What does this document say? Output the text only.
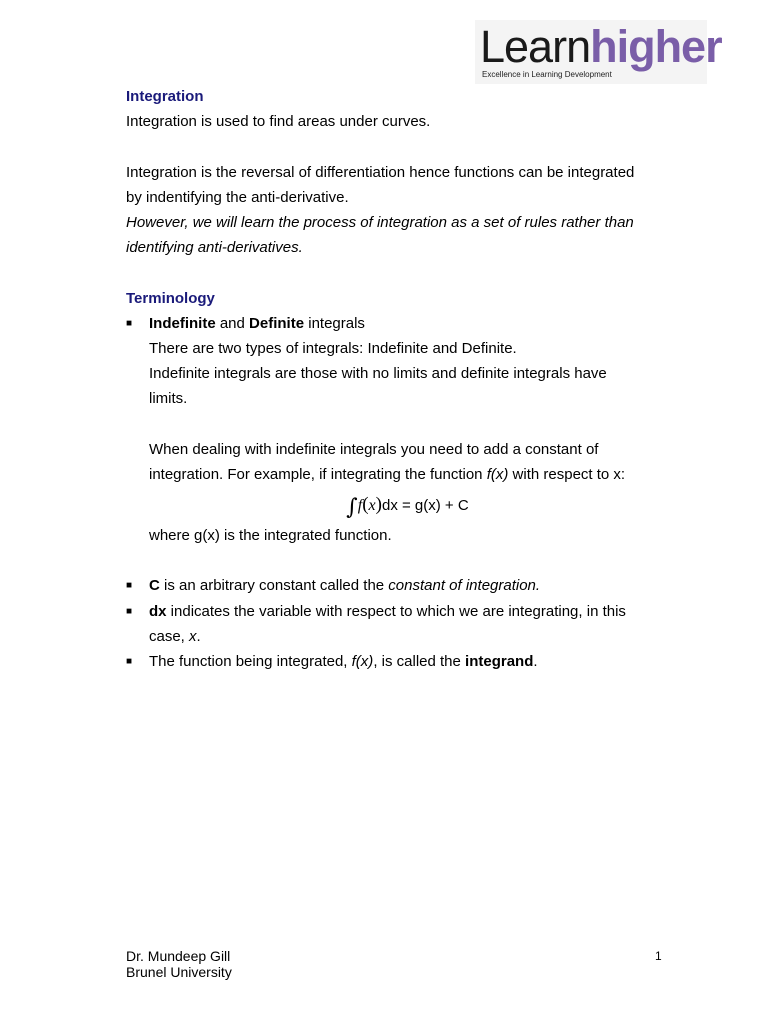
Learnhigher
Excellence in Learning Development
Integration
Integration is used to find areas under curves.
Integration is the reversal of differentiation hence functions can be integrated
by indentifying the anti-derivative.
However, we will learn the process of integration as a set of rules rather than
identifying anti-derivatives.
Terminology
■ Indefinite and Definite integrals
There are two types of integrals: Indefinite and Definite.
Indefinite integrals are those with no limits and definite integrals have
limits.
When dealing with indefinite integrals you need to add a constant of
integration. For example, if integrating the function f(x) with respect to x:
∫f(x)dx = g(x) + C
where g(x) is the integrated function.
■ C is an arbitrary constant called the constant of integration.
■ dx indicates the variable with respect to which we are integrating, in this
case, x.
■ The function being integrated, f(x), is called the integrand.
Dr. Mundeep Gill
Brunel University
1
